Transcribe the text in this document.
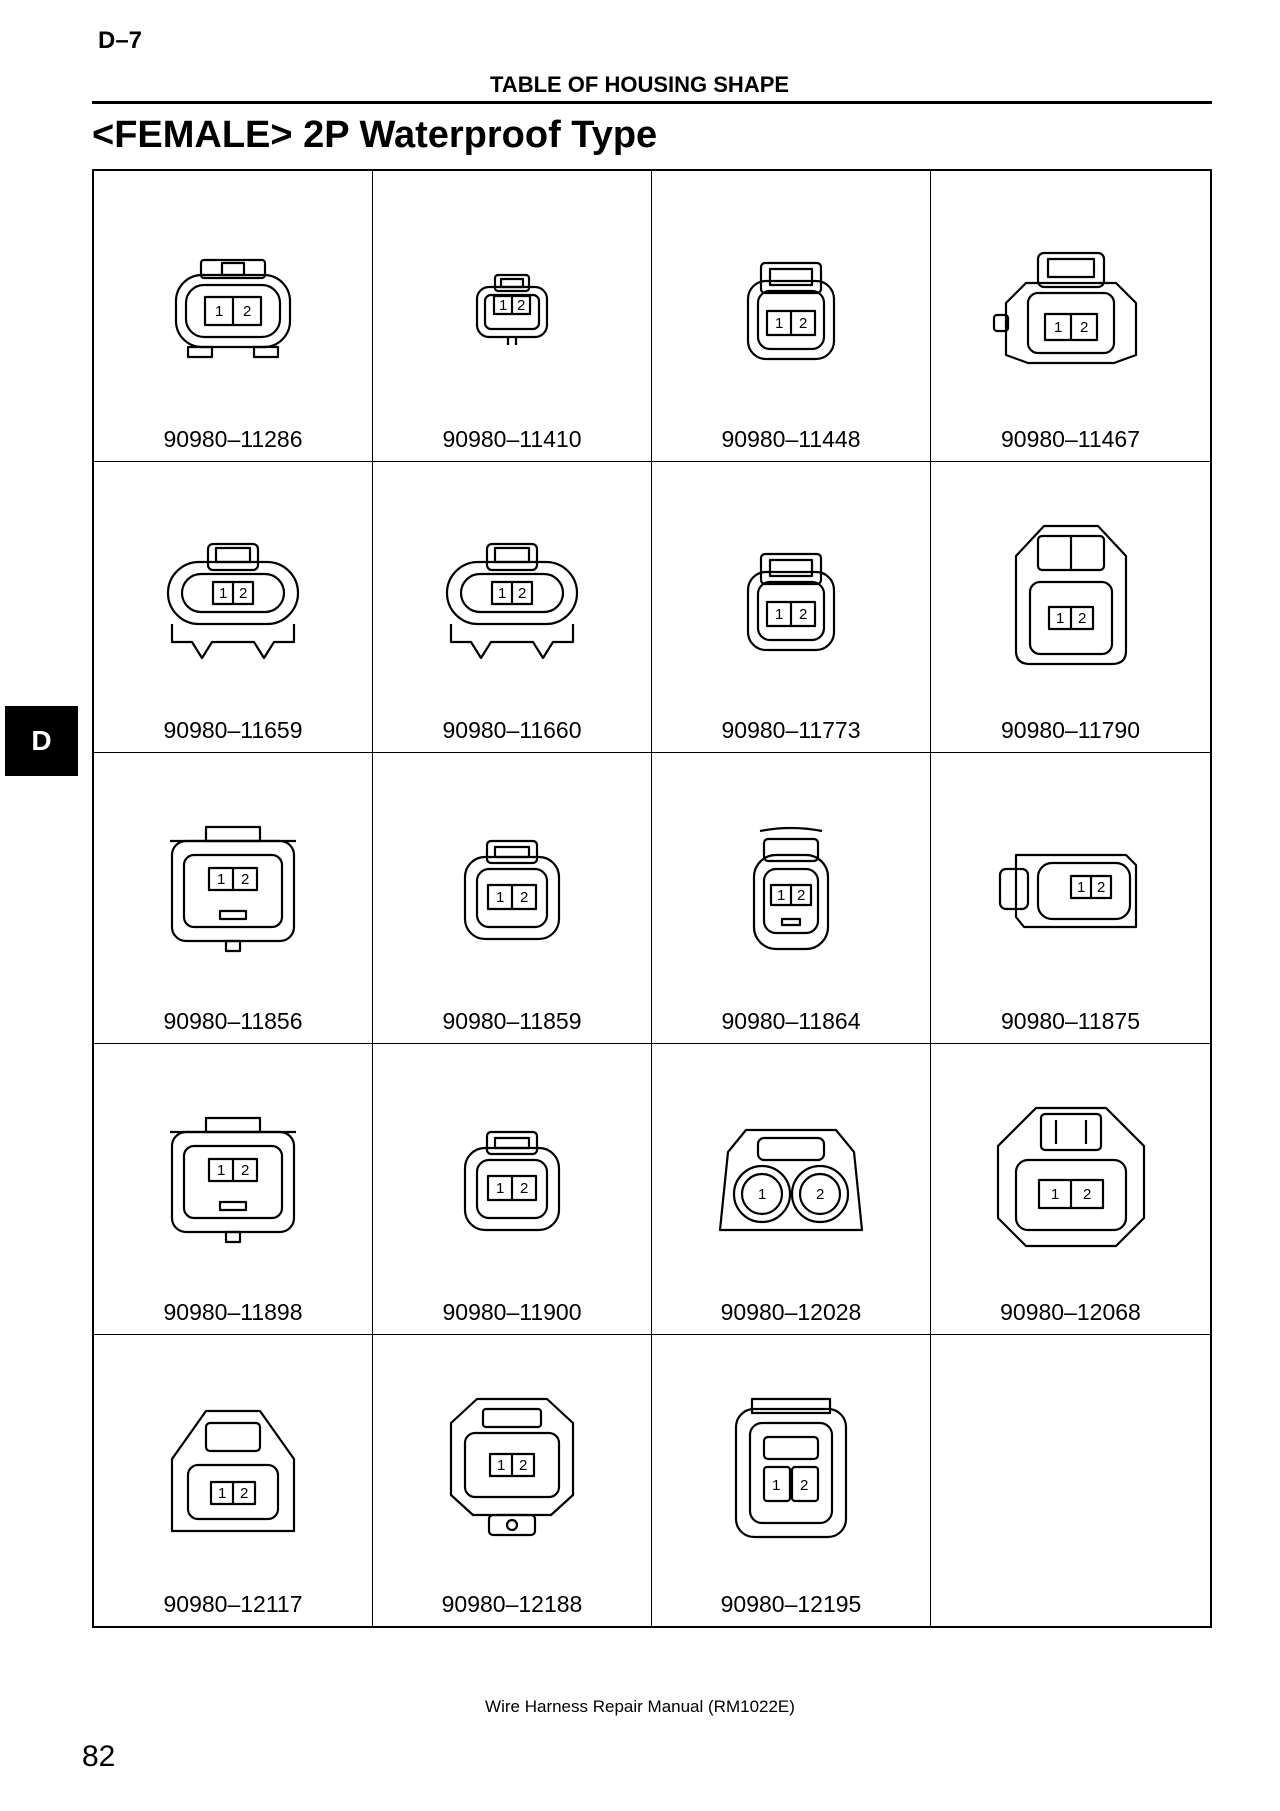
D–7
TABLE OF HOUSING SHAPE
<FEMALE> 2P Waterproof Type
1 2
90980–11286
1 2
90980–11410
1 2
90980–11448
1 2
90980–11467
1 2
90980–11659
1 2
90980–11660
1 2
90980–11773
1 2
90980–11790
1 2
90980–11856
1 2
90980–11859
1 2
90980–11864
1 2
90980–11875
1 2
90980–11898
1 2
90980–11900
1	2
90980–12028
1 2
90980–12068
1 2
90980–12117
1 2
90980–12188
1 2
90980–12195
D
Wire Harness Repair Manual (RM1022E)
82
